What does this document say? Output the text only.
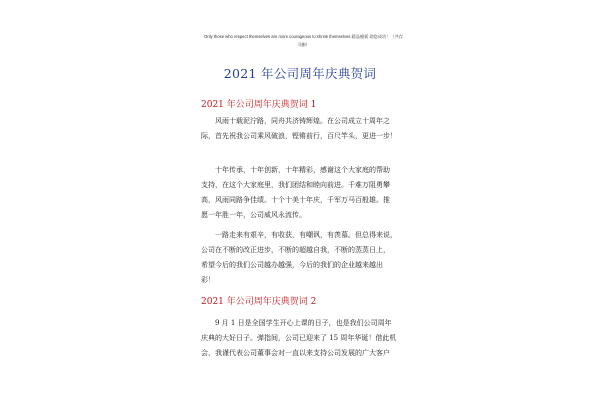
Only those who respect themselves are more courageous to shrink themselves.精品模板 助您成功！（共存
可删）
2021 年公司周年庆典贺词
2021 年公司周年庆典贺词 1

风雨十载泥泞路，同舟共济铸辉煌。在公司成立十周年之
际，首先祝我公司乘风破浪，铿锵前行，百尺竿头，更进一步！

十年传承，十年创新，十年精彩，感谢这个大家庭的帮助
支持，在这个大家庭里，我们团结和睦向前进。千难万阻勇攀
高，风雨同路争佳绩。十个十美十年庆，千军万马百般雄。推
愿一年胜一年，公司威风永流传。

一路走来有艰辛，有收获，有嘲讽，有羡慕。但总得来说，
公司在不断的改正进步，不断的超越自我，不断的蒸蒸日上，
希望今后的我们公司越办越强，今后的我们的企业越来越出
彩！

2021 年公司周年庆典贺词 2

9 月 1 日是全国学生开心上课的日子，也是我们公司周年
庆典的大好日子。弹指间，公司已迎来了 15 周年华诞！借此机
会，我谨代表公司董事会对一直以来支持公司发展的广大客户
